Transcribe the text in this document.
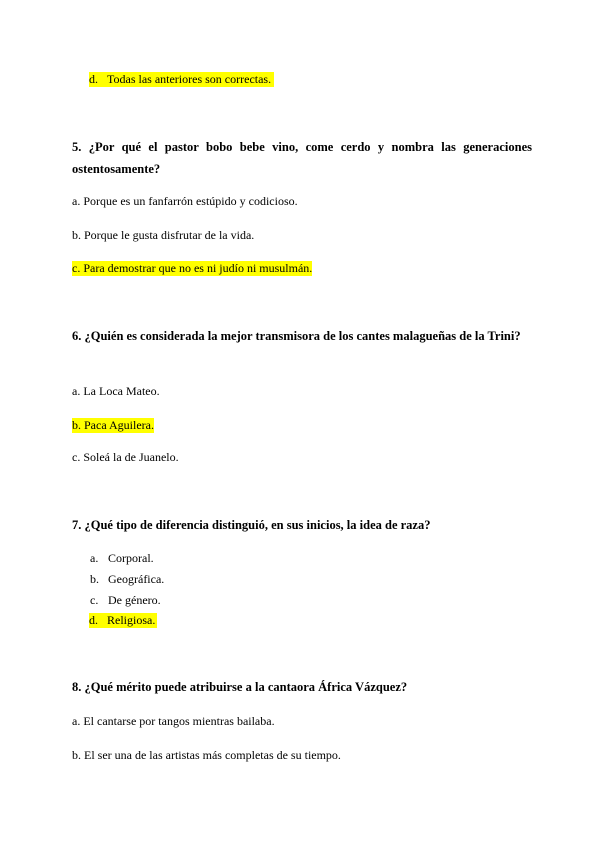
d. Todas las anteriores son correctas.
5. ¿Por qué el pastor bobo bebe vino, come cerdo y nombra las generaciones ostentosamente?
a. Porque es un fanfarrón estúpido y codicioso.
b. Porque le gusta disfrutar de la vida.
c. Para demostrar que no es ni judío ni musulmán.
6. ¿Quién es considerada la mejor transmisora de los cantes malagueñas de la Trini?
a. La Loca Mateo.
b. Paca Aguilera.
c. Soleá la de Juanelo.
7. ¿Qué tipo de diferencia distinguió, en sus inicios, la idea de raza?
a. Corporal.
b. Geográfica.
c. De género.
d. Religiosa.
8. ¿Qué mérito puede atribuirse a la cantaora África Vázquez?
a. El cantarse por tangos mientras bailaba.
b. El ser una de las artistas más completas de su tiempo.
